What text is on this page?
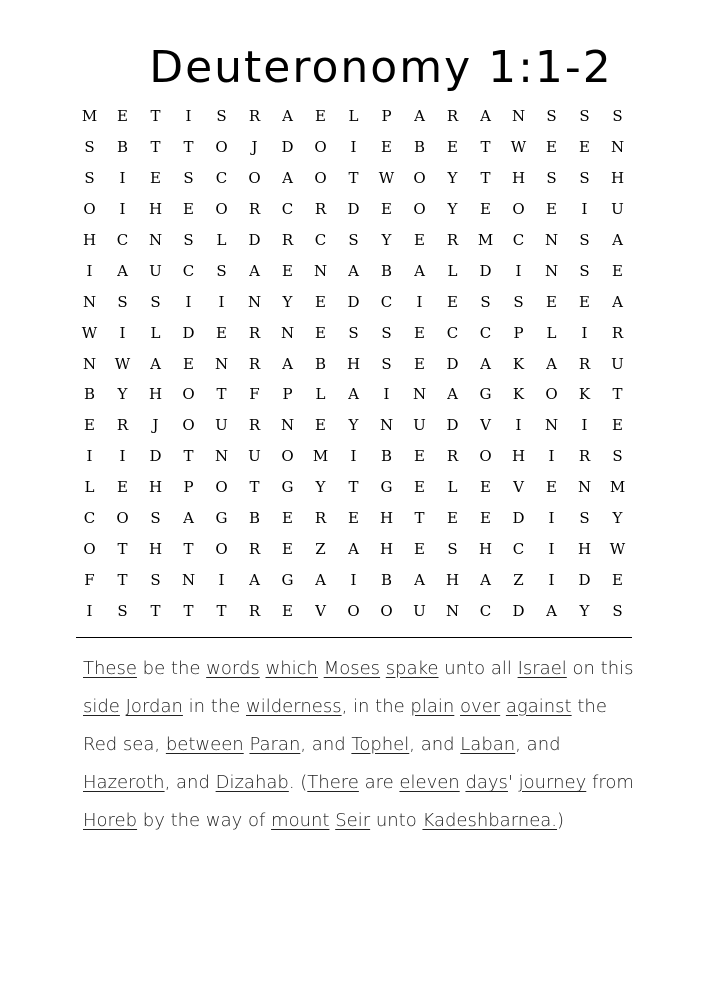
Deuteronomy 1:1-2
M	E	T	I	S	R	A	E	L	P	A	R	A	N	S	S	S
S	B	T	T	O	J	D	O	I	E	B	E	T	W	E	E	N
S	I	E	S	C	O	A	O	T	W	O	Y	T	H	S	S	H
O	I	H	E	O	R	C	R	D	E	O	Y	E	O	E	I	U
H	C	N	S	L	D	R	C	S	Y	E	R	M	C	N	S	A
I	A	U	C	S	A	E	N	A	B	A	L	D	I	N	S	E
N	S	S	I	I	N	Y	E	D	C	I	E	S	S	E	E	A
W	I	L	D	E	R	N	E	S	S	E	C	C	P	L	I	R
N	W	A	E	N	R	A	B	H	S	E	D	A	K	A	R	U
B	Y	H	O	T	F	P	L	A	I	N	A	G	K	O	K	T
E	R	J	O	U	R	N	E	Y	N	U	D	V	I	N	I	E
I	I	D	T	N	U	O	M	I	B	E	R	O	H	I	R	S
L	E	H	P	O	T	G	Y	T	G	E	L	E	V	E	N	M
C	O	S	A	G	B	E	R	E	H	T	E	E	D	I	S	Y
O	T	H	T	O	R	E	Z	A	H	E	S	H	C	I	H	W
F	T	S	N	I	A	G	A	I	B	A	H	A	Z	I	D	E
I	S	T	T	T	R	E	V	O	O	U	N	C	D	A	Y	S
These be the words which Moses spake unto all Israel on this side Jordan in the wilderness, in the plain over against the Red sea, between Paran, and Tophel, and Laban, and Hazeroth, and Dizahab. (There are eleven days' journey from Horeb by the way of mount Seir unto Kadeshbarnea.)
